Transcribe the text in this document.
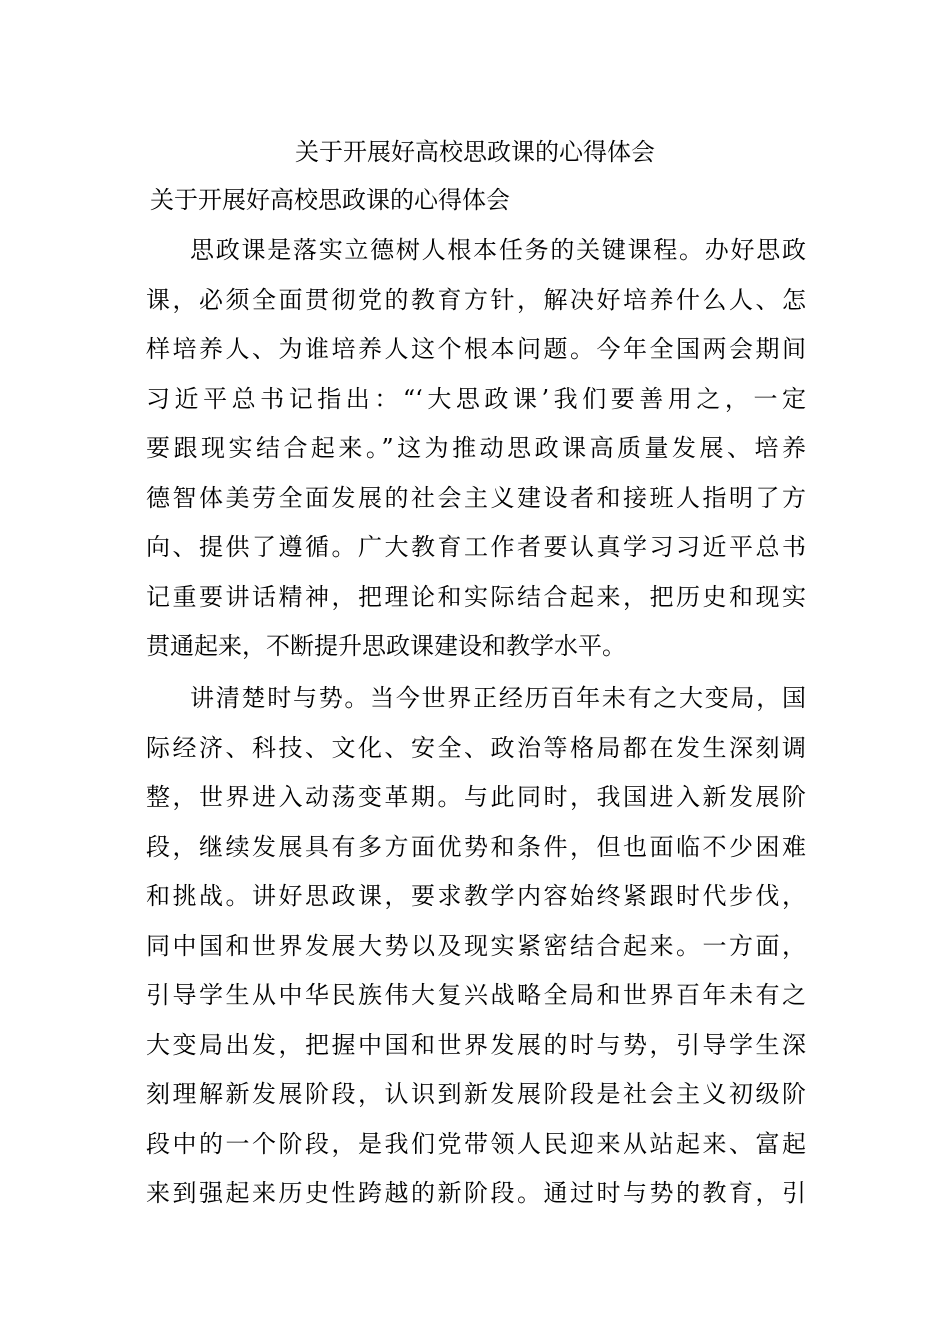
关于开展好高校思政课的心得体会
关于开展好高校思政课的心得体会
思政课是落实立德树人根本任务的关键课程。办好思政
课，必须全面贯彻党的教育方针，解决好培养什么人、怎
样培养人、为谁培养人这个根本问题。今年全国两会期间
习近平总书记指出：“‘大思政课’我们要善用之，一定
要跟现实结合起来。”这为推动思政课高质量发展、培养
德智体美劳全面发展的社会主义建设者和接班人指明了方
向、提供了遵循。广大教育工作者要认真学习习近平总书
记重要讲话精神，把理论和实际结合起来，把历史和现实
贯通起来，不断提升思政课建设和教学水平。
讲清楚时与势。当今世界正经历百年未有之大变局，国
际经济、科技、文化、安全、政治等格局都在发生深刻调
整，世界进入动荡变革期。与此同时，我国进入新发展阶
段，继续发展具有多方面优势和条件，但也面临不少困难
和挑战。讲好思政课，要求教学内容始终紧跟时代步伐，
同中国和世界发展大势以及现实紧密结合起来。一方面，
引导学生从中华民族伟大复兴战略全局和世界百年未有之
大变局出发，把握中国和世界发展的时与势，引导学生深
刻理解新发展阶段，认识到新发展阶段是社会主义初级阶
段中的一个阶段，是我们党带领人民迎来从站起来、富起
来到强起来历史性跨越的新阶段。通过时与势的教育，引
